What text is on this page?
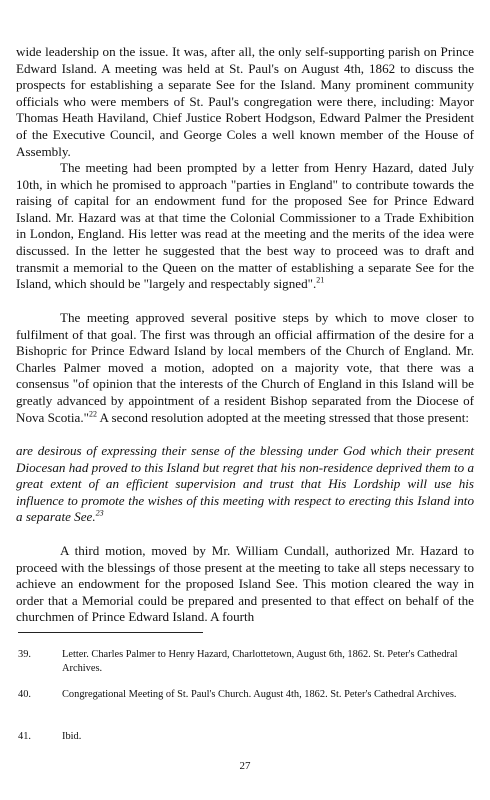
wide leadership on the issue. It was, after all, the only self-supporting parish on Prince Edward Island. A meeting was held at St. Paul's on August 4th, 1862 to discuss the prospects for establishing a separate See for the Island. Many prominent community officials who were members of St. Paul's congregation were there, including: Mayor Thomas Heath Haviland, Chief Justice Robert Hodgson, Edward Palmer the President of the Executive Council, and George Coles a well known member of the House of Assembly.

The meeting had been prompted by a letter from Henry Hazard, dated July 10th, in which he promised to approach "parties in England" to contribute towards the raising of capital for an endowment fund for the proposed See for Prince Edward Island. Mr. Hazard was at that time the Colonial Commissioner to a Trade Exhibition in London, England. His letter was read at the meeting and the merits of the idea were discussed. In the letter he suggested that the best way to proceed was to draft and transmit a memorial to the Queen on the matter of establishing a separate See for the Island, which should be "largely and respectably signed".$^{21}$

The meeting approved several positive steps by which to move closer to fulfilment of that goal. The first was through an official affirmation of the desire for a Bishopric for Prince Edward Island by local members of the Church of England. Mr. Charles Palmer moved a motion, adopted on a majority vote, that there was a consensus "of opinion that the interests of the Church of England in this Island will be greatly advanced by appointment of a resident Bishop separated from the Diocese of Nova Scotia."$^{22}$ A second resolution adopted at the meeting stressed that those present:

are desirous of expressing their sense of the blessing under God which their present Diocesan had proved to this Island but regret that his non-residence deprived them to a great extent of an efficient supervision and trust that His Lordship will use his influence to promote the wishes of this meeting with respect to erecting this Island into a separate See.$^{23}$

A third motion, moved by Mr. William Cundall, authorized Mr. Hazard to proceed with the blessings of those present at the meeting to take all steps necessary to achieve an endowment for the proposed Island See. This motion cleared the way in order that a Memorial could be prepared and presented to that effect on behalf of the churchmen of Prince Edward Island. A fourth

39.	Letter. Charles Palmer to Henry Hazard, Charlottetown, August 6th, 1862. St. Peter's Cathedral Archives.
40.	Congregational Meeting of St. Paul's Church. August 4th, 1862. St. Peter's Cathedral Archives.
41.	Ibid.
27
